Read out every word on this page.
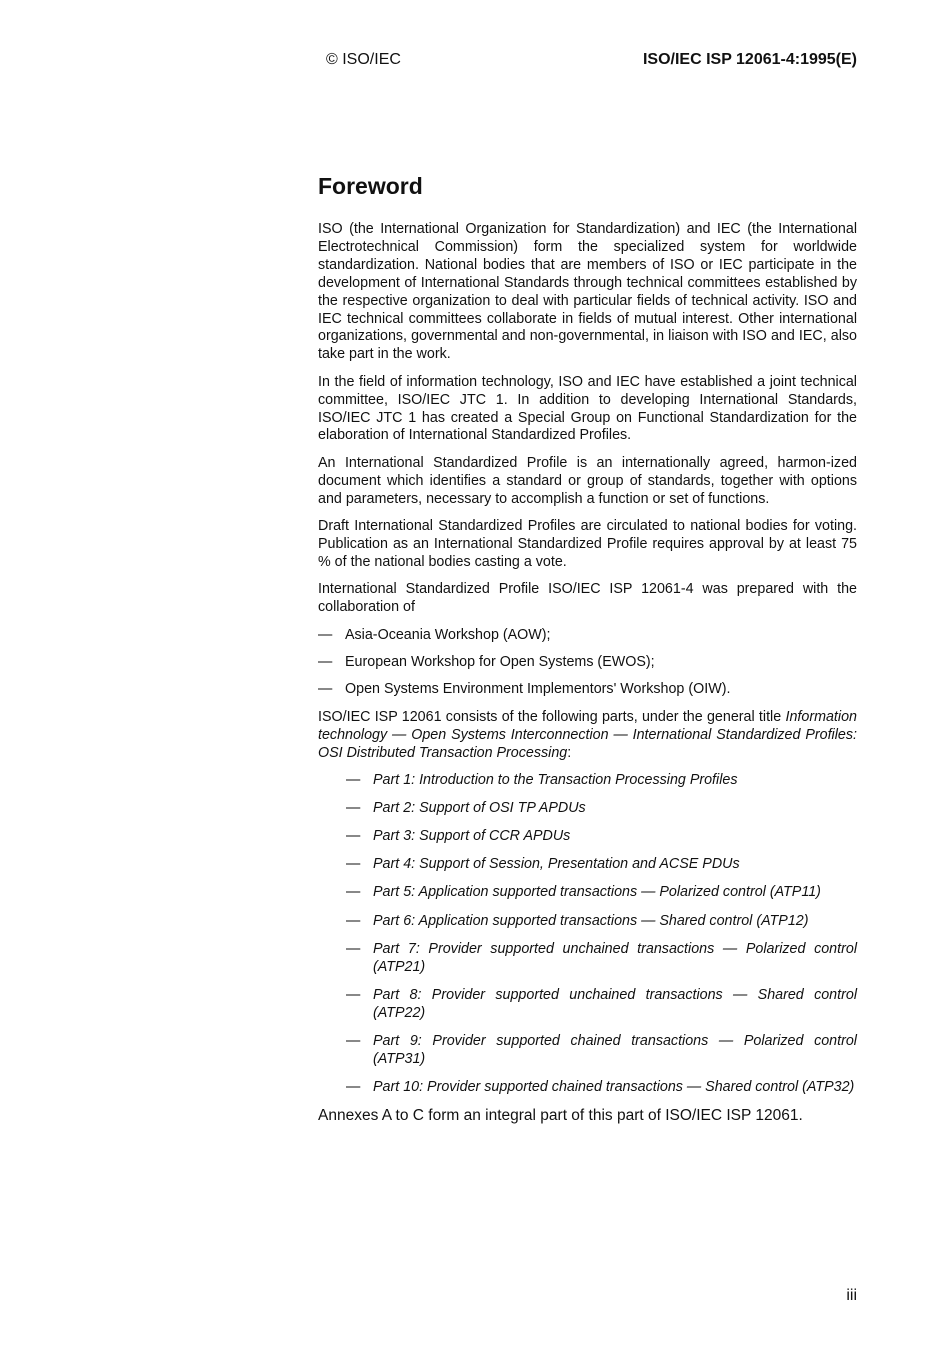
© ISO/IEC	ISO/IEC ISP 12061-4:1995(E)
Foreword

ISO (the International Organization for Standardization) and IEC (the International Electrotechnical Commission) form the specialized system for worldwide standardization. National bodies that are members of ISO or IEC participate in the development of International Standards through technical committees established by the respective organization to deal with particular fields of technical activity. ISO and IEC technical committees collaborate in fields of mutual interest. Other international organizations, governmental and non-governmental, in liaison with ISO and IEC, also take part in the work.

In the field of information technology, ISO and IEC have established a joint technical committee, ISO/IEC JTC 1. In addition to developing International Standards, ISO/IEC JTC 1 has created a Special Group on Functional Standardization for the elaboration of International Standardized Profiles.

An International Standardized Profile is an internationally agreed, harmon-ized document which identifies a standard or group of standards, together with options and parameters, necessary to accomplish a function or set of functions.

Draft International Standardized Profiles are circulated to national bodies for voting. Publication as an International Standardized Profile requires approval by at least 75 % of the national bodies casting a vote.

International Standardized Profile ISO/IEC ISP 12061-4 was prepared with the collaboration of

— Asia-Oceania Workshop (AOW);
— European Workshop for Open Systems (EWOS);
— Open Systems Environment Implementors' Workshop (OIW).

ISO/IEC ISP 12061 consists of the following parts, under the general title Information technology — Open Systems Interconnection — International Standardized Profiles: OSI Distributed Transaction Processing:

— Part 1: Introduction to the Transaction Processing Profiles
— Part 2: Support of OSI TP APDUs
— Part 3: Support of CCR APDUs
— Part 4: Support of Session, Presentation and ACSE PDUs
— Part 5: Application supported transactions — Polarized control (ATP11)
— Part 6: Application supported transactions — Shared control (ATP12)
— Part 7: Provider supported unchained transactions — Polarized control (ATP21)
— Part 8: Provider supported unchained transactions — Shared control (ATP22)
— Part 9: Provider supported chained transactions — Polarized control (ATP31)
— Part 10: Provider supported chained transactions — Shared control (ATP32)

Annexes A to C form an integral part of this part of ISO/IEC ISP 12061.

iii
